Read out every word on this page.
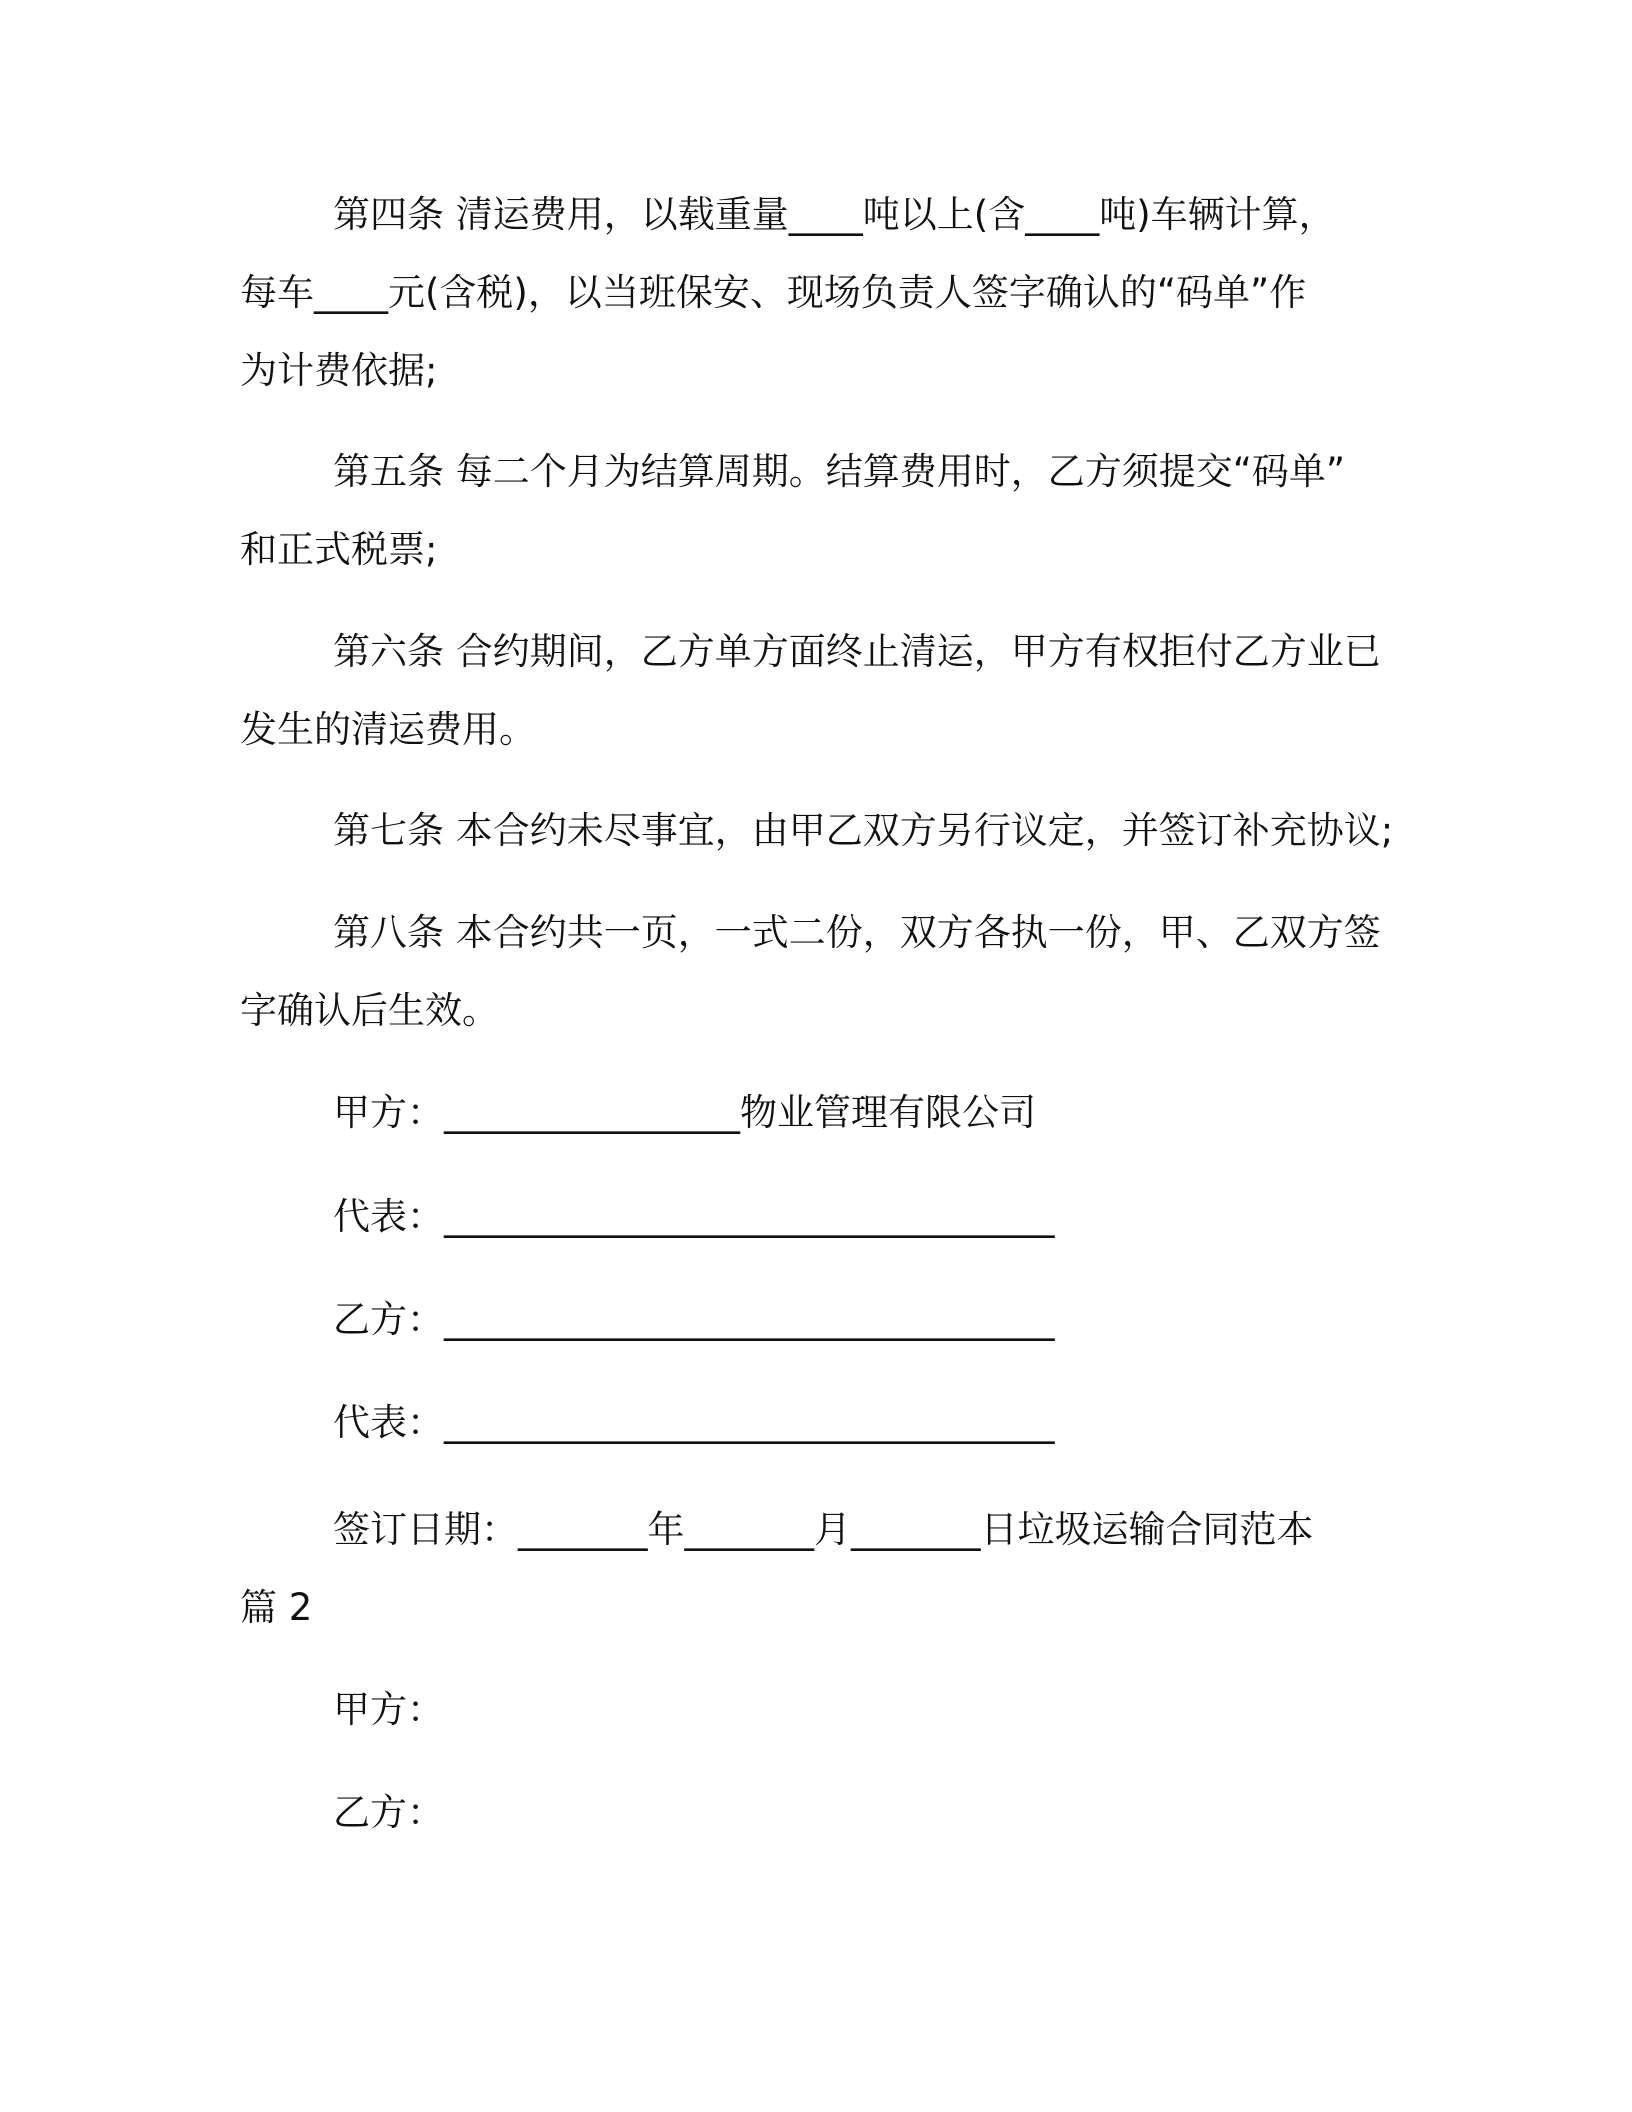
第四条 清运费用，以载重量____吨以上(含____吨)车辆计算，
每车____元(含税)，以当班保安、现场负责人签字确认的“码单”作
为计费依据;
第五条 每二个月为结算周期。结算费用时，乙方须提交“码单”
和正式税票;
第六条 合约期间，乙方单方面终止清运，甲方有权拒付乙方业已
发生的清运费用。
第七条 本合约未尽事宜，由甲乙双方另行议定，并签订补充协议;
第八条 本合约共一页，一式二份，双方各执一份，甲、乙双方签
字确认后生效。
甲方：________________物业管理有限公司
代表：_________________________________
乙方：_________________________________
代表：_________________________________
签订日期：_______年_______月_______日垃圾运输合同范本
篇 2
甲方：
乙方：
